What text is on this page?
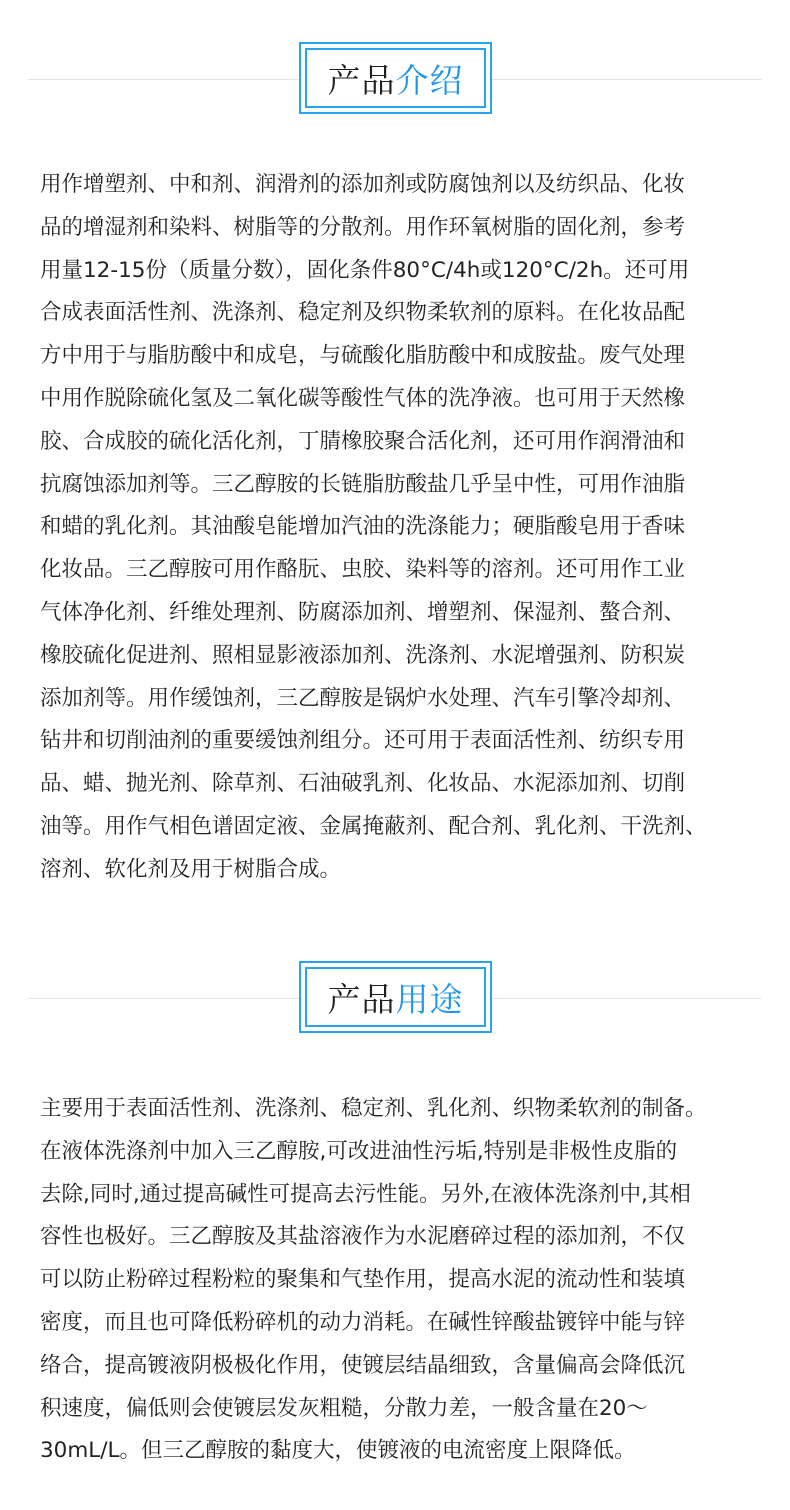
产品 介绍
用作增塑剂、中和剂、润滑剂的添加剂或防腐蚀剂以及纺织品、化妆
品的增湿剂和染料、树脂等的分散剂。用作环氧树脂的固化剂，参考
用量12-15份（质量分数），固化条件80°C/4h或120°C/2h。还可用
合成表面活性剂、洗涤剂、稳定剂及织物柔软剂的原料。在化妆品配
方中用于与脂肪酸中和成皂，与硫酸化脂肪酸中和成胺盐。废气处理
中用作脱除硫化氢及二氧化碳等酸性气体的洗净液。也可用于天然橡
胶、合成胶的硫化活化剂，丁腈橡胶聚合活化剂，还可用作润滑油和
抗腐蚀添加剂等。三乙醇胺的长链脂肪酸盐几乎呈中性，可用作油脂
和蜡的乳化剂。其油酸皂能增加汽油的洗涤能力；硬脂酸皂用于香味
化妆品。三乙醇胺可用作酪朊、虫胶、染料等的溶剂。还可用作工业
气体净化剂、纤维处理剂、防腐添加剂、增塑剂、保湿剂、螯合剂、
橡胶硫化促进剂、照相显影液添加剂、洗涤剂、水泥增强剂、防积炭
添加剂等。用作缓蚀剂，三乙醇胺是锅炉水处理、汽车引擎冷却剂、
钻井和切削油剂的重要缓蚀剂组分。还可用于表面活性剂、纺织专用
品、蜡、抛光剂、除草剂、石油破乳剂、化妆品、水泥添加剂、切削
油等。用作气相色谱固定液、金属掩蔽剂、配合剂、乳化剂、干洗剂、
溶剂、软化剂及用于树脂合成。
产品 用途
主要用于表面活性剂、洗涤剂、稳定剂、乳化剂、织物柔软剂的制备。
在液体洗涤剂中加入三乙醇胺,可改进油性污垢,特别是非极性皮脂的
去除,同时,通过提高碱性可提高去污性能。另外,在液体洗涤剂中,其相
容性也极好。三乙醇胺及其盐溶液作为水泥磨碎过程的添加剂，不仅
可以防止粉碎过程粉粒的聚集和气垫作用，提高水泥的流动性和装填
密度，而且也可降低粉碎机的动力消耗。在碱性锌酸盐镀锌中能与锌
络合，提高镀液阴极极化作用，使镀层结晶细致，含量偏高会降低沉
积速度，偏低则会使镀层发灰粗糙，分散力差，一般含量在20～
30mL/L。但三乙醇胺的黏度大，使镀液的电流密度上限降低。
